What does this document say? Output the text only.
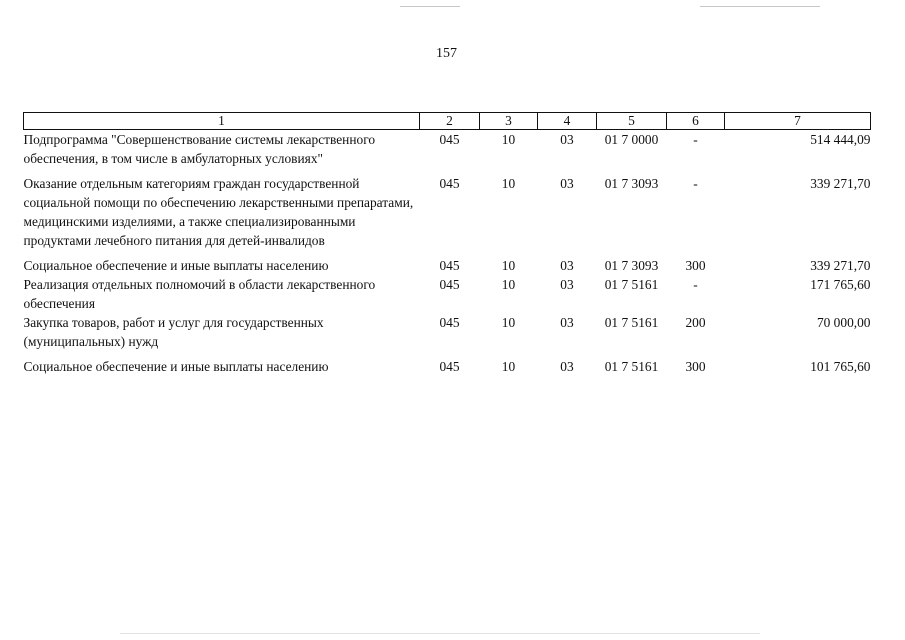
157
1	2	3	4	5	6	7
Подпрограмма "Совершенствование системы лекарственного обеспечения, в том числе в амбулаторных условиях"	045	10	03	01 7 0000	-	514 444,09
Оказание отдельным категориям граждан государственной социальной помощи по обеспечению лекарственными препаратами, медицинскими изделиями, а также специализированными продуктами лечебного питания для детей-инвалидов	045	10	03	01 7 3093	-	339 271,70
Социальное обеспечение и иные выплаты населению	045	10	03	01 7 3093	300	339 271,70
Реализация отдельных полномочий в области лекарственного обеспечения	045	10	03	01 7 5161	-	171 765,60
Закупка товаров, работ и услуг для государственных (муниципальных) нужд	045	10	03	01 7 5161	200	70 000,00
Социальное обеспечение и иные выплаты населению	045	10	03	01 7 5161	300	101 765,60
